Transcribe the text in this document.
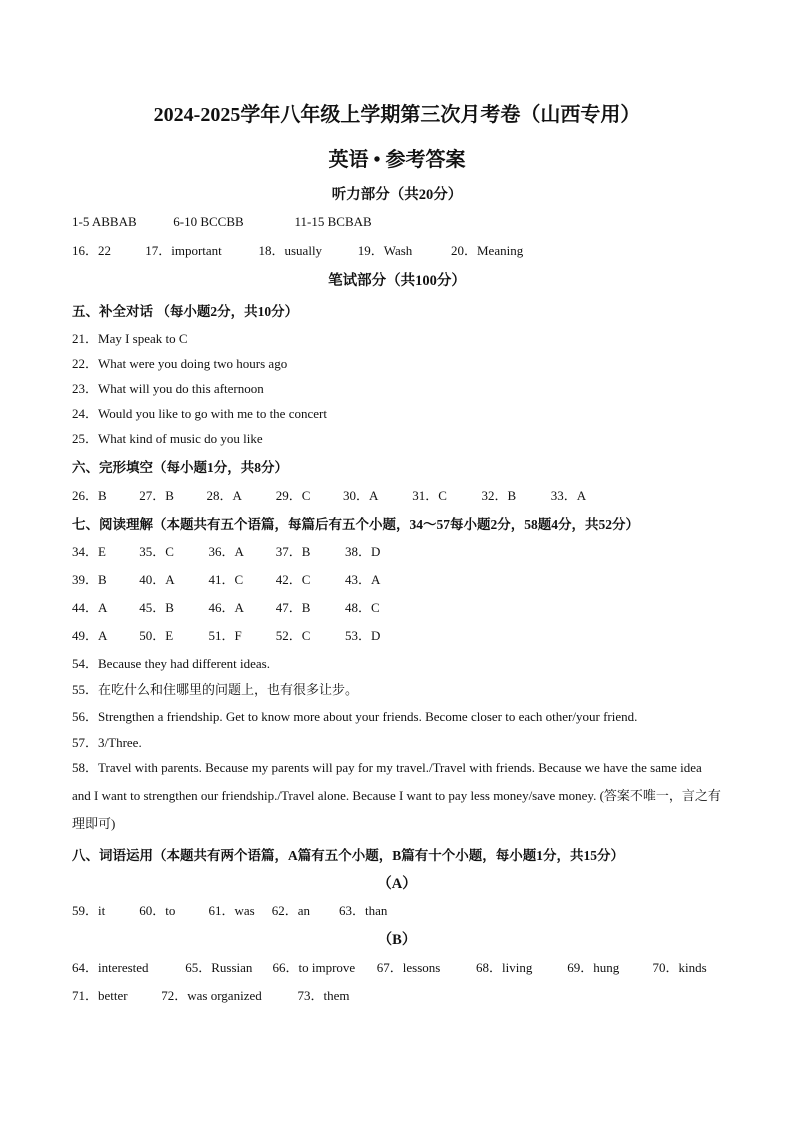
2024-2025学年八年级上学期第三次月考卷（山西专用）
英语 • 参考答案
听力部分（共20分）
1-5 ABBAB	6-10 BCCBB	11-15 BCBAB
16．22	17．important	18．usually	19．Wash	20．Meaning
笔试部分（共100分）
五、补全对话 （每小题2分，共10分）
21．May I speak to C
22．What were you doing two hours ago
23．What will you do this afternoon
24．Would you like to go with me to the concert
25．What kind of music do you like
六、完形填空（每小题1分，共8分）
26．B	27．B	28．A	29．C	30．A	31．C	32．B	33．A
七、阅读理解（本题共有五个语篇，每篇后有五个小题，34～57每小题2分，58题4分，共52分）
34．E	35．C	36．A 37．B	38．D
39．B	40．A	41．C	42．C	43．A
44．A 45．B	46．A 47．B	48．C
49．A 50．E	51．F	52．C	53．D
54．Because they had different ideas.
55．在吃什么和住哪里的问题上，也有很多让步。
56．Strengthen a friendship. Get to know more about your friends. Become closer to each other/your friend.
57．3/Three.
58．Travel with parents. Because my parents will pay for my travel./Travel with friends. Because we have the same idea and I want to strengthen our friendship./Travel alone. Because I want to pay less money/save money. (答案不唯一，言之有理即可)
八、词语运用（本题共有两个语篇，A篇有五个小题，B篇有十个小题，每小题1分，共15分）
（A）
59．it	60．to	61．was 62．an 63．than
（B）
64．interested	65．Russian 66．to improve 67．lessons	68．living	69．hung	70．kinds
71．better	72．was organized	73．them
